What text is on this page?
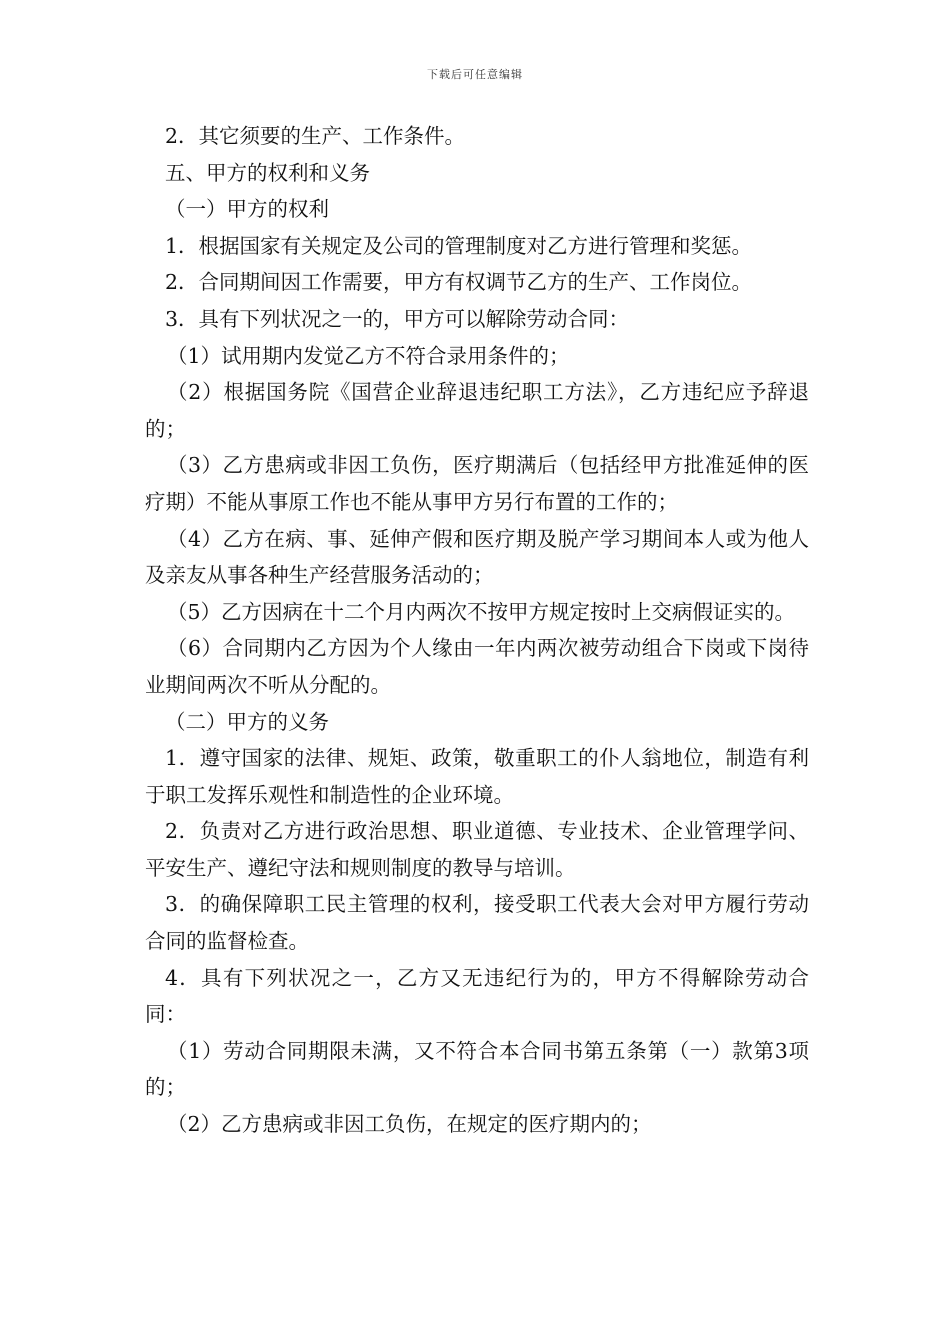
下载后可任意编辑

2．其它须要的生产、工作条件。

五、甲方的权利和义务

（一）甲方的权利

1．根据国家有关规定及公司的管理制度对乙方进行管理和奖惩。

2．合同期间因工作需要，甲方有权调节乙方的生产、工作岗位。

3．具有下列状况之一的，甲方可以解除劳动合同：

（1）试用期内发觉乙方不符合录用条件的；

（2）根据国务院《国营企业辞退违纪职工方法》，乙方违纪应予辞退的；

（3）乙方患病或非因工负伤，医疗期满后（包括经甲方批准延伸的医疗期）不能从事原工作也不能从事甲方另行布置的工作的；

（4）乙方在病、事、延伸产假和医疗期及脱产学习期间本人或为他人及亲友从事各种生产经营服务活动的；

（5）乙方因病在十二个月内两次不按甲方规定按时上交病假证实的。

（6）合同期内乙方因为个人缘由一年内两次被劳动组合下岗或下岗待业期间两次不听从分配的。

（二）甲方的义务

1．遵守国家的法律、规矩、政策，敬重职工的仆人翁地位，制造有利于职工发挥乐观性和制造性的企业环境。

2．负责对乙方进行政治思想、职业道德、专业技术、企业管理学问、平安生产、遵纪守法和规则制度的教导与培训。

3．的确保障职工民主管理的权利，接受职工代表大会对甲方履行劳动合同的监督检查。

4．具有下列状况之一，乙方又无违纪行为的，甲方不得解除劳动合同：

（1）劳动合同期限未满，又不符合本合同书第五条第（一）款第3项的；

（2）乙方患病或非因工负伤，在规定的医疗期内的；
